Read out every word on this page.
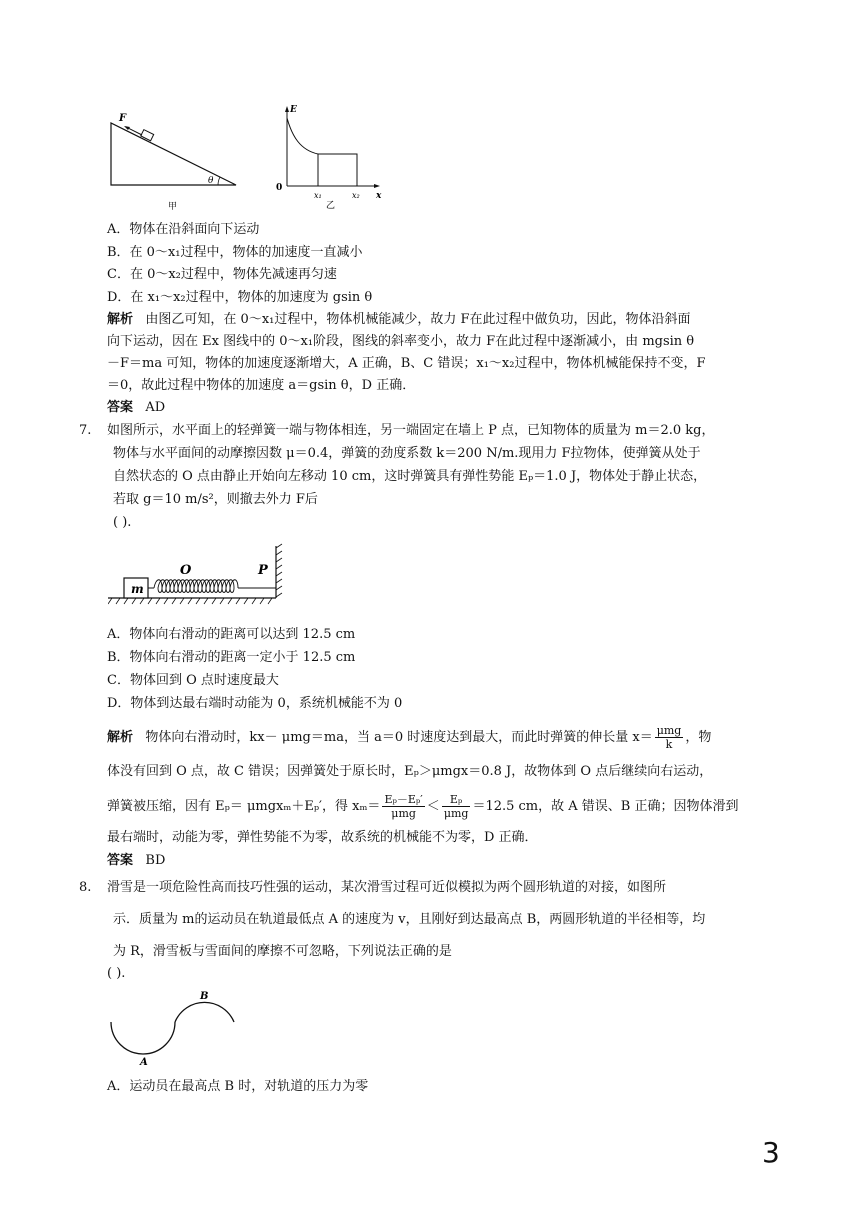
F
θ
甲
E
0
x₁	x₂ x
乙
A．物体在沿斜面向下运动
B．在 0～x₁过程中，物体的加速度一直减小
C．在 0～x₂过程中，物体先减速再匀速
D．在 x₁～x₂过程中，物体的加速度为 gsin θ
解析 由图乙可知，在 0～x₁过程中，物体机械能减少，故力 F在此过程中做负功，因此，物体沿斜面
向下运动，因在 Ex 图线中的 0～x₁阶段，图线的斜率变小，故力 F在此过程中逐渐减小，由 mgsin θ
－F＝ma 可知，物体的加速度逐渐增大，A 正确，B、C 错误；x₁～x₂过程中，物体机械能保持不变，F
＝0，故此过程中物体的加速度 a＝gsin θ，D 正确．
答案 AD
7. 如图所示，水平面上的轻弹簧一端与物体相连，另一端固定在墙上 P 点，已知物体的质量为 m＝2.0 kg，
物体与水平面间的动摩擦因数 μ＝0.4，弹簧的劲度系数 k＝200 N/m.现用力 F拉物体，使弹簧从处于
自然状态的 O 点由静止开始向左移动 10 cm，这时弹簧具有弹性势能 Eₚ＝1.0 J，物体处于静止状态，
若取 g＝10 m/s²，则撤去外力 F后
( ).
m
O	P
A．物体向右滑动的距离可以达到 12.5 cm
B．物体向右滑动的距离一定小于 12.5 cm
C．物体回到 O 点时速度最大
D．物体到达最右端时动能为 0，系统机械能不为 0
解析 物体向右滑动时，kx－ μmg＝ma，当 a＝0 时速度达到最大，而此时弹簧的伸长量 $x= \frac{\text{μmg}}{k}$ ，物
体没有回到 O 点，故 C 错误；因弹簧处于原长时，Eₚ＞μmgx＝0.8 J，故物体到 O 点后继续向右运动，
弹簧被压缩，因有 Eₚ＝ μmgxₘ＋Eₚ′，得 $x_m= \frac{\text{Eₚ－Eₚ′}}{\text{μmg}} < \frac{\text{Eₚ}}{\text{μmg}} =12.5$ cm，故 A 错误、B 正确；因物体滑到
最右端时，动能为零，弹性势能不为零，故系统的机械能不为零，D 正确．
答案 BD
8. 滑雪是一项危险性高而技巧性强的运动，某次滑雪过程可近似模拟为两个圆形轨道的对接，如图所
示．质量为 m的运动员在轨道最低点 A 的速度为 v，且刚好到达最高点 B，两圆形轨道的半径相等，均
为 R，滑雪板与雪面间的摩擦不可忽略，下列说法正确的是
( ).
A
B
A．运动员在最高点 B 时，对轨道的压力为零
3
